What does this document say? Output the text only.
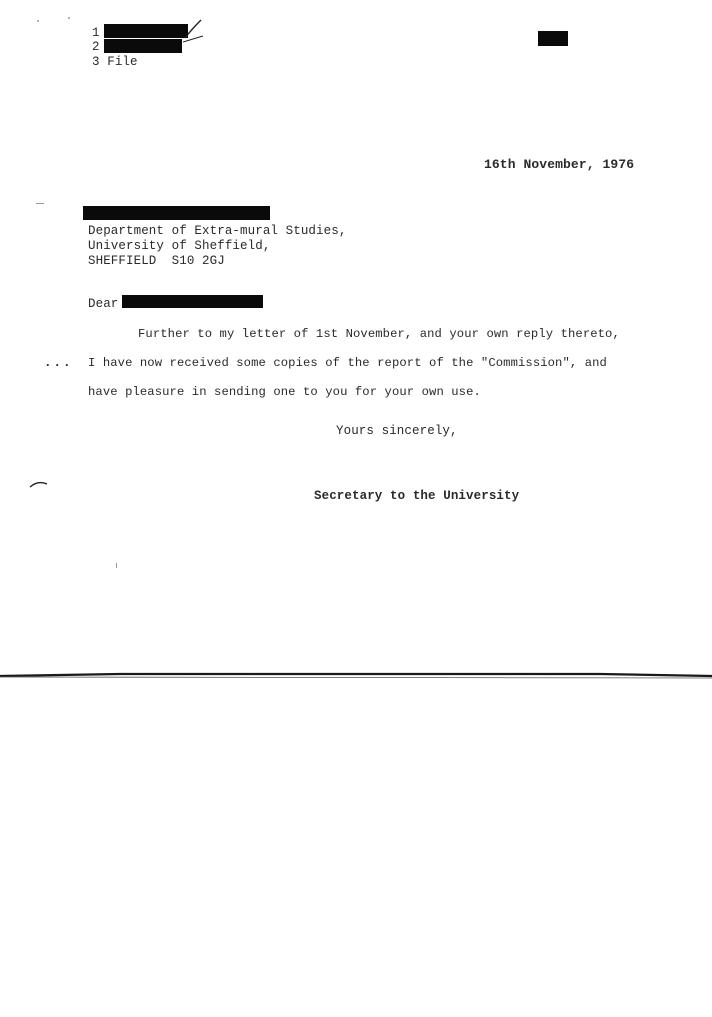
1
2
3 File
16th November, 1976
Department of Extra-mural Studies,
University of Sheffield,
SHEFFIELD  S10 2GJ
Dear
Further to my letter of 1st November, and your own reply thereto,
... I have now received some copies of the report of the "Commission", and
have pleasure in sending one to you for your own use.
Yours sincerely,
Secretary to the University
